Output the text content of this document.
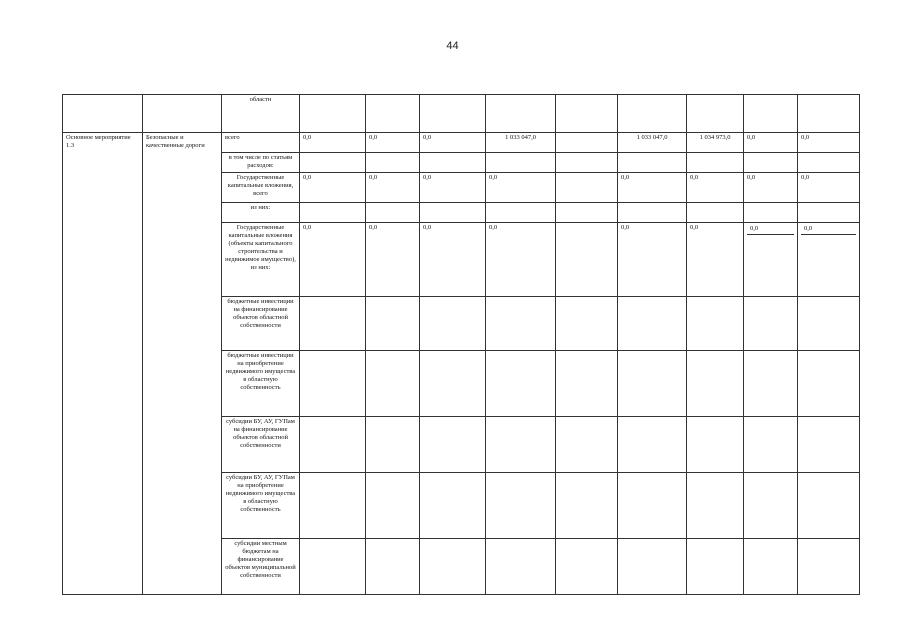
44
		областн									
Основное мероприятие 1.3	Безопасные и качественные дороги	всего	0,0	0,0	0,0	1 033 047,0		1 033 047,0	1 034 973,0	0,0	0,0
		в том числе по статьям расходов:									
		Государственные капитальные вложения, всего	0,0	0,0	0,0	0,0		0,0	0,0	0,0	0,0
		из них:									
		Государственные капитальные вложения (объекты капитального строительства и недвижимое имущество), из них:	0,0	0,0	0,0	0,0		0,0	0,0	0,0	0,0

		бюджетные инвестиции на финансирование объектов областной собственности									
		бюджетные инвестиции на приобретение недвижимого имущества в областную собственность									
		субсидии БУ, АУ, ГУПам на финансирование объектов областной собственности									
		субсидии БУ, АУ, ГУПам на приобретение недвижимого имущества в областную собственность									
		субсидии местным бюджетам на финансирование объектов муниципальной собственности									
